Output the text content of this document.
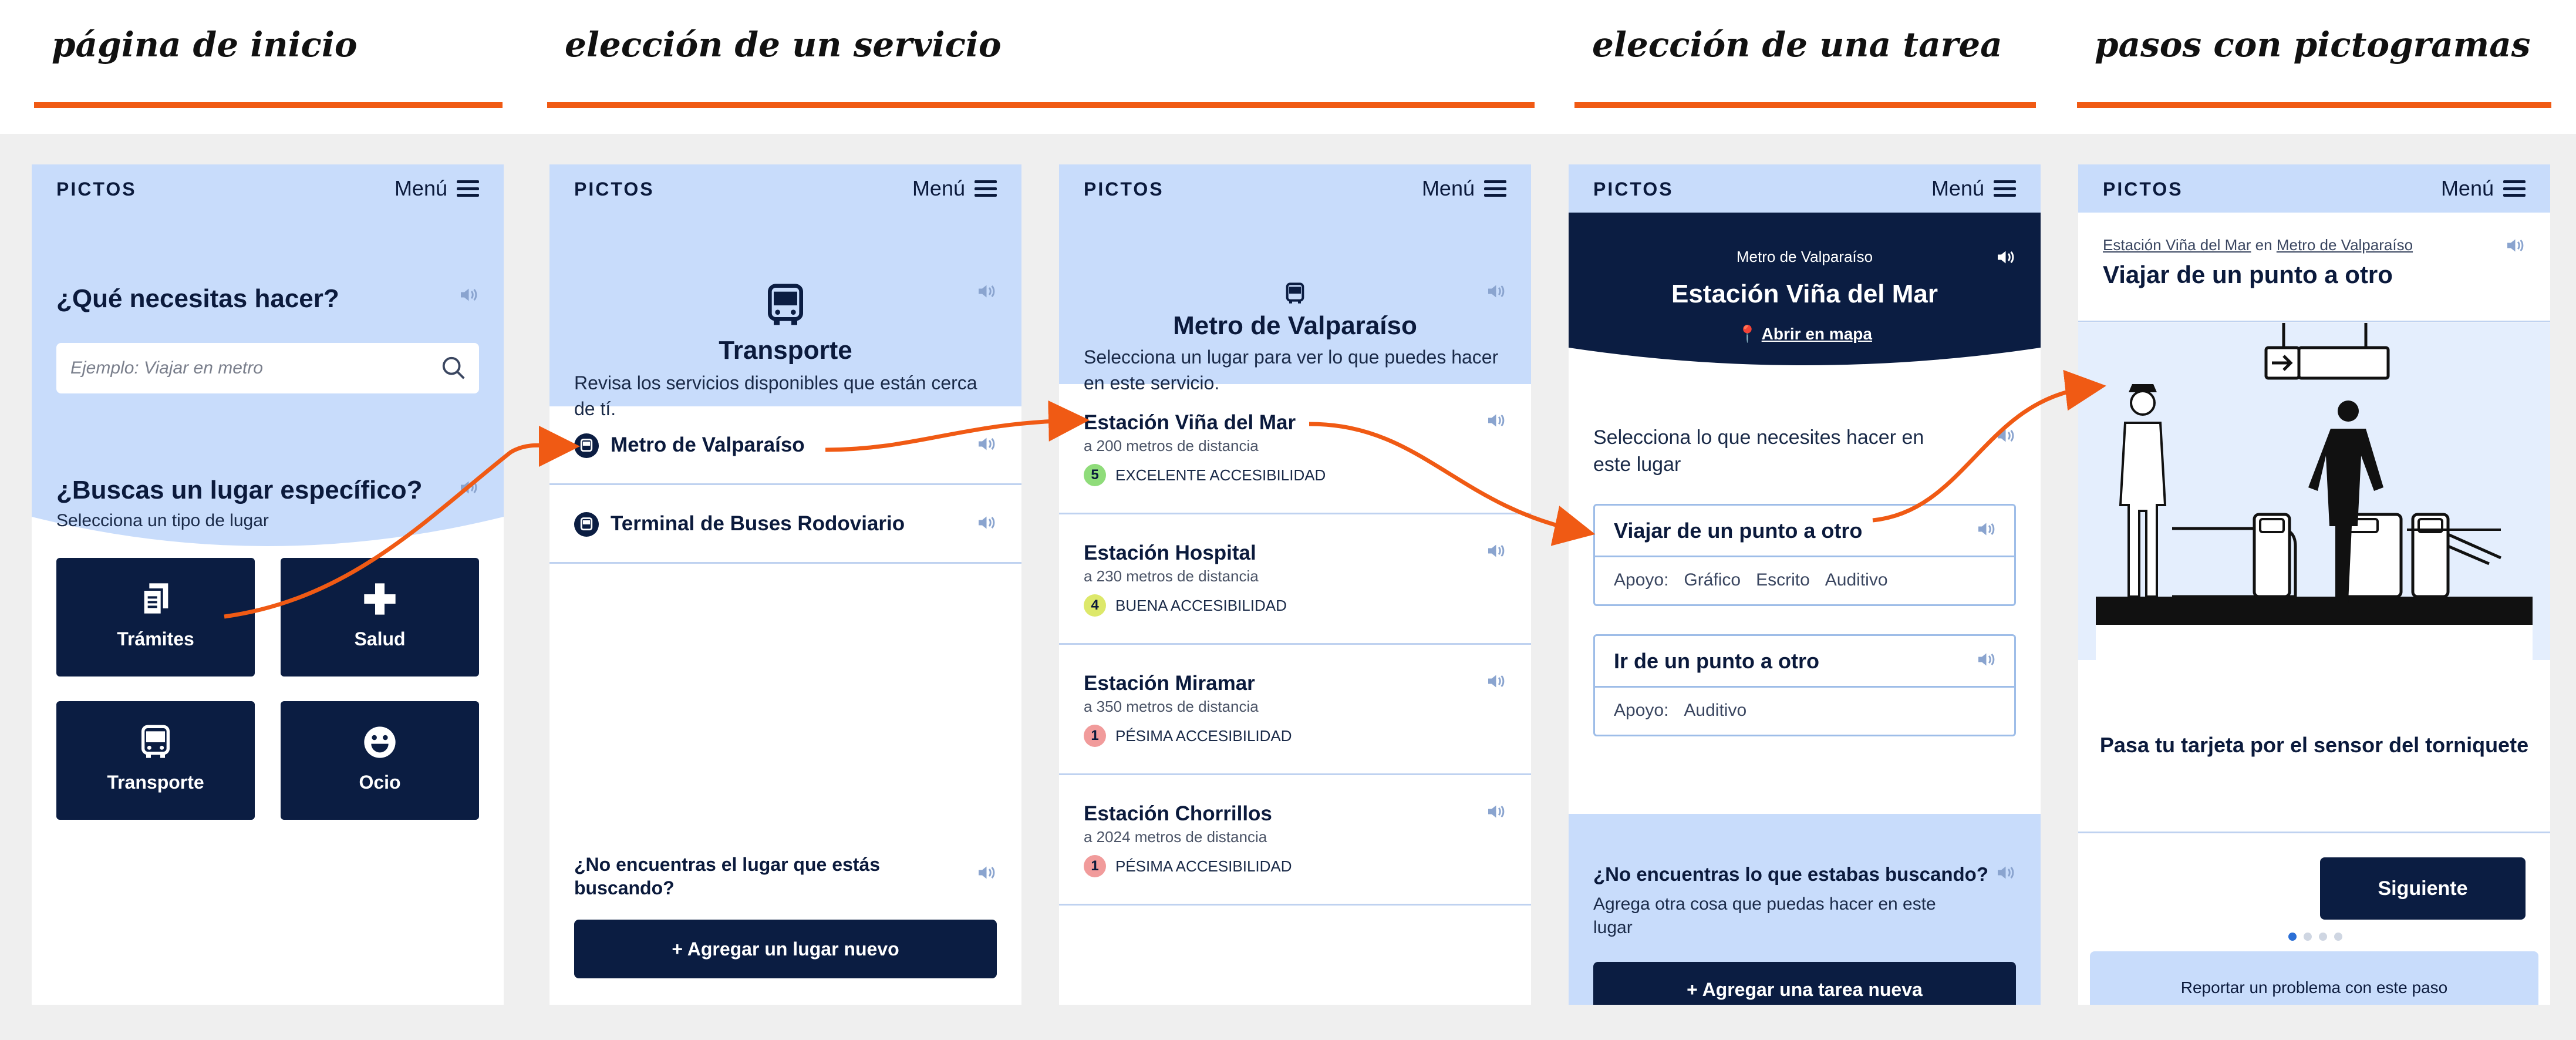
página de inicio	elección de un servicio	elección de una tarea	pasos con pictogramas
PICTOS	Menú
¿Qué necesitas hacer?
Ejemplo: Viajar en metro
¿Buscas un lugar específico?
Selecciona un tipo de lugar
Trámites	Salud
Transporte	Ocio
PICTOS	Menú
Transporte
Revisa los servicios disponibles que están cerca de tí.
Metro de Valparaíso
Terminal de Buses Rodoviario
¿No encuentras el lugar que estás buscando?
+ Agregar un lugar nuevo
PICTOS	Menú
Metro de Valparaíso
Selecciona un lugar para ver lo que puedes hacer en este servicio.
Estación Viña del Mar
a 200 metros de distancia
5	EXCELENTE ACCESIBILIDAD
Estación Hospital
a 230 metros de distancia
4	BUENA ACCESIBILIDAD
Estación Miramar
a 350 metros de distancia
1	PÉSIMA ACCESIBILIDAD
Estación Chorrillos
a 2024 metros de distancia
1	PÉSIMA ACCESIBILIDAD
PICTOS	Menú
Metro de Valparaíso
Estación Viña del Mar
📍 Abrir en mapa
Selecciona lo que necesites hacer en este lugar
Viajar de un punto a otro
Apoyo: Gráfico Escrito Auditivo
Ir de un punto a otro
Apoyo: Auditivo
¿No encuentras lo que estabas buscando?
Agrega otra cosa que puedas hacer en este lugar
+ Agregar una tarea nueva
PICTOS	Menú
Estación Viña del Mar en Metro de Valparaíso
Viajar de un punto a otro
Pasa tu tarjeta por el sensor del torniquete
Siguiente
Reportar un problema con este paso
